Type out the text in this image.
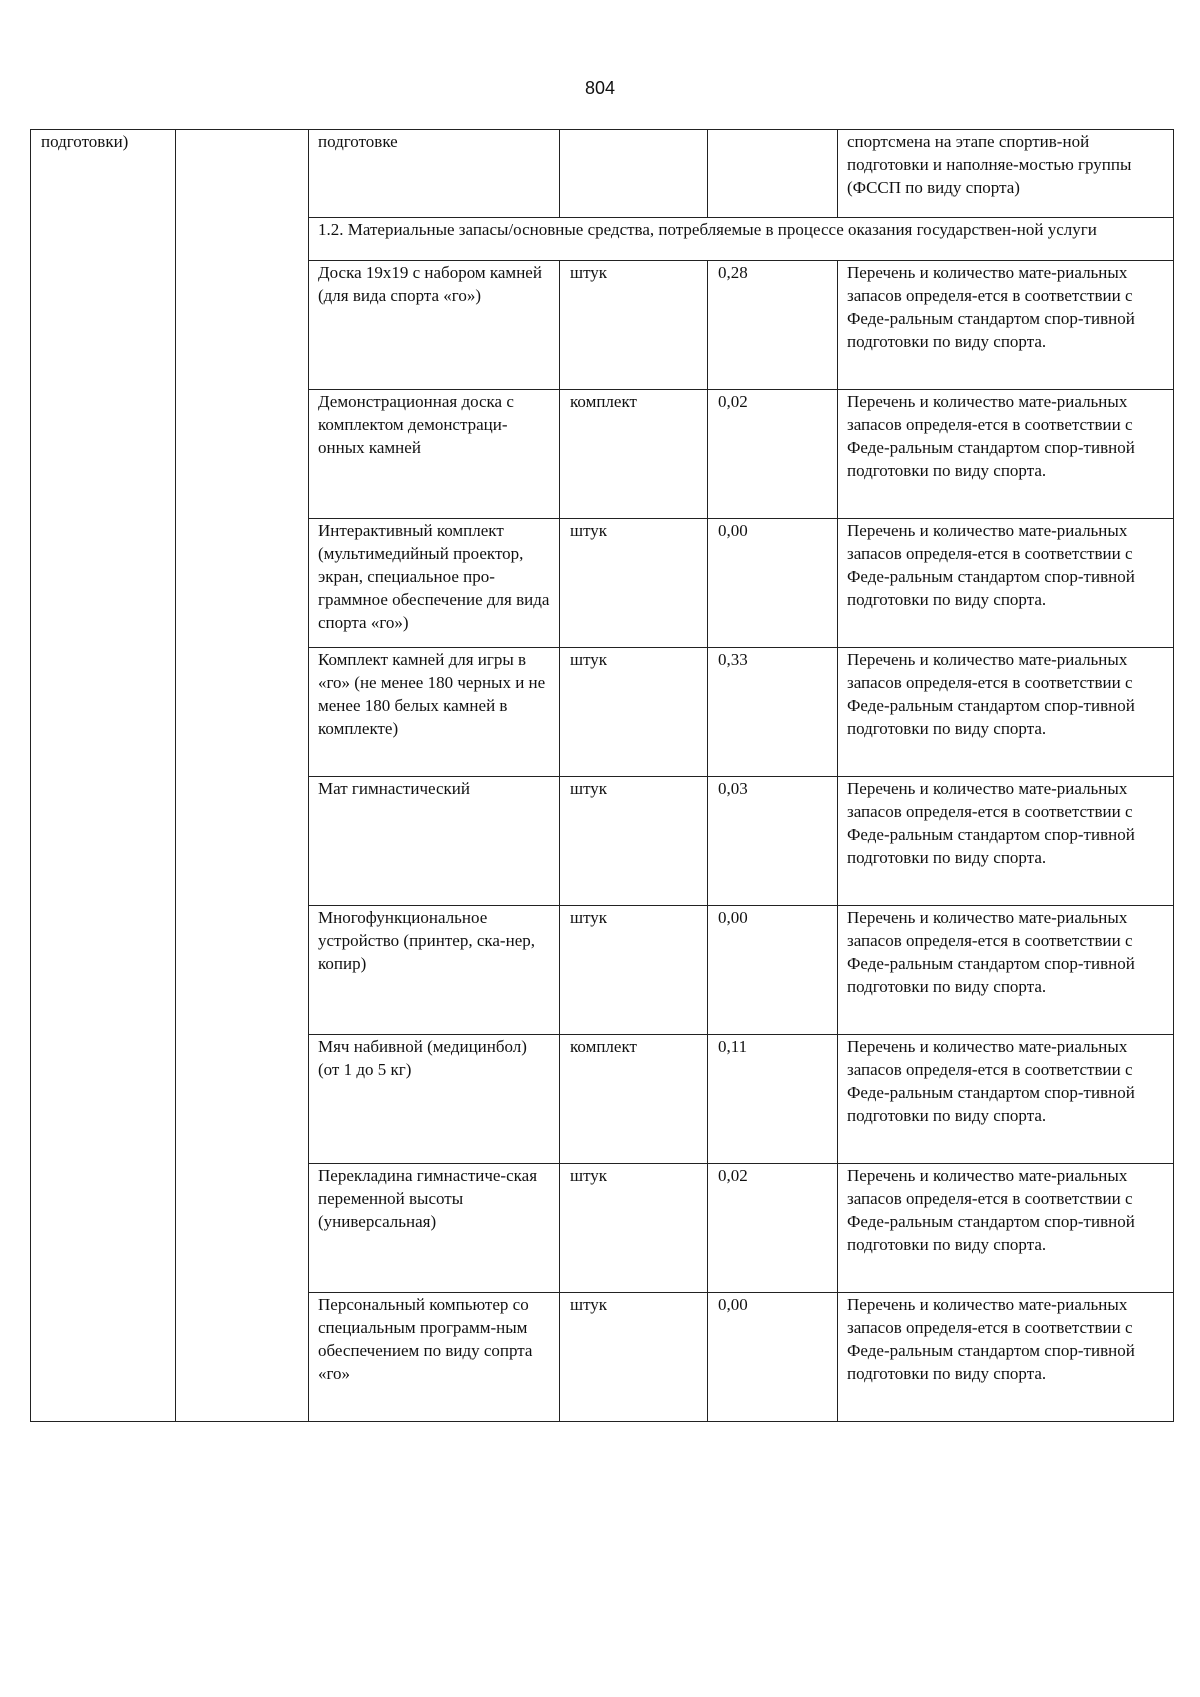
804
подготовки)		подготовке			спортсмена на этапе спортив-ной подготовки и наполняе-мостью группы (ФССП по виду спорта)
		1.2. Материальные запасы/основные средства, потребляемые в процессе оказания государствен-ной услуги			
		Доска 19х19 с набором камней (для вида спорта «го»)	штук	0,28	Перечень и количество мате-риальных запасов определя-ется в соответствии с Феде-ральным стандартом спор-тивной подготовки по виду спорта.
		Демонстрационная доска с комплектом демонстраци-онных камней	комплект	0,02	Перечень и количество мате-риальных запасов определя-ется в соответствии с Феде-ральным стандартом спор-тивной подготовки по виду спорта.
		Интерактивный комплект (мультимедийный проектор, экран, специальное про-граммное обеспечение для вида спорта «го»)	штук	0,00	Перечень и количество мате-риальных запасов определя-ется в соответствии с Феде-ральным стандартом спор-тивной подготовки по виду спорта.
		Комплект камней для игры в «го» (не менее 180 черных и не менее 180 белых камней в комплекте)	штук	0,33	Перечень и количество мате-риальных запасов определя-ется в соответствии с Феде-ральным стандартом спор-тивной подготовки по виду спорта.
		Мат гимнастический	штук	0,03	Перечень и количество мате-риальных запасов определя-ется в соответствии с Феде-ральным стандартом спор-тивной подготовки по виду спорта.
		Многофункциональное устройство (принтер, ска-нер, копир)	штук	0,00	Перечень и количество мате-риальных запасов определя-ется в соответствии с Феде-ральным стандартом спор-тивной подготовки по виду спорта.
		Мяч набивной (медицинбол) (от 1 до 5 кг)	комплект	0,11	Перечень и количество мате-риальных запасов определя-ется в соответствии с Феде-ральным стандартом спор-тивной подготовки по виду спорта.
		Перекладина гимнастиче-ская переменной высоты (универсальная)	штук	0,02	Перечень и количество мате-риальных запасов определя-ется в соответствии с Феде-ральным стандартом спор-тивной подготовки по виду спорта.
		Персональный компьютер со специальным программ-ным обеспечением по виду сопрта «го»	штук	0,00	Перечень и количество мате-риальных запасов определя-ется в соответствии с Феде-ральным стандартом спор-тивной подготовки по виду спорта.
